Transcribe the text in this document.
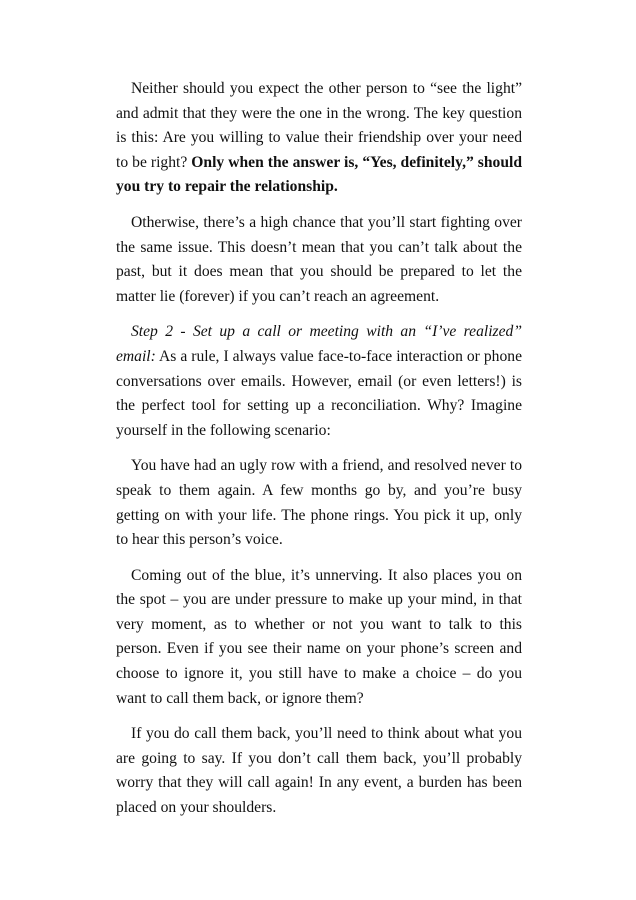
Neither should you expect the other person to “see the light” and admit that they were the one in the wrong. The key question is this: Are you willing to value their friendship over your need to be right? Only when the answer is, “Yes, definitely,” should you try to repair the relationship.

Otherwise, there’s a high chance that you’ll start fighting over the same issue. This doesn’t mean that you can’t talk about the past, but it does mean that you should be prepared to let the matter lie (forever) if you can’t reach an agreement.

Step 2 - Set up a call or meeting with an “I’ve realized” email: As a rule, I always value face-to-face interaction or phone conversations over emails. However, email (or even letters!) is the perfect tool for setting up a reconciliation. Why? Imagine yourself in the following scenario:

You have had an ugly row with a friend, and resolved never to speak to them again. A few months go by, and you’re busy getting on with your life. The phone rings. You pick it up, only to hear this person’s voice.

Coming out of the blue, it’s unnerving. It also places you on the spot – you are under pressure to make up your mind, in that very moment, as to whether or not you want to talk to this person. Even if you see their name on your phone’s screen and choose to ignore it, you still have to make a choice – do you want to call them back, or ignore them?

If you do call them back, you’ll need to think about what you are going to say. If you don’t call them back, you’ll probably worry that they will call again! In any event, a burden has been placed on your shoulders.
